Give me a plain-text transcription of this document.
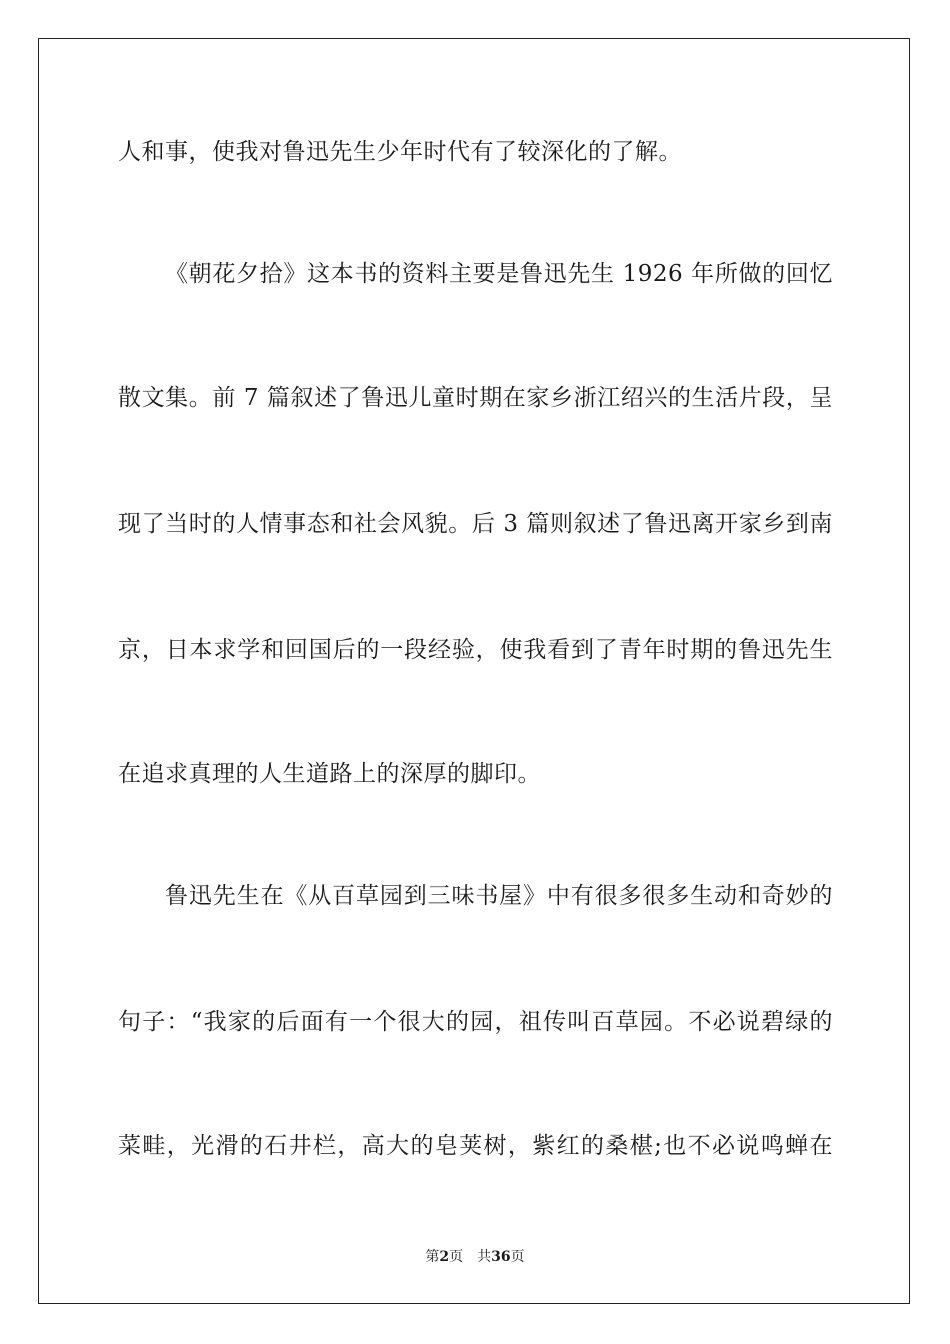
人和事，使我对鲁迅先生少年时代有了较深化的了解。
《朝花夕拾》这本书的资料主要是鲁迅先生 1926 年所做的回忆
散文集。前 7 篇叙述了鲁迅儿童时期在家乡浙江绍兴的生活片段，呈
现了当时的人情事态和社会风貌。后 3 篇则叙述了鲁迅离开家乡到南
京，日本求学和回国后的一段经验，使我看到了青年时期的鲁迅先生
在追求真理的人生道路上的深厚的脚印。
鲁迅先生在《从百草园到三味书屋》中有很多很多生动和奇妙的
句子：“我家的后面有一个很大的园，祖传叫百草园。不必说碧绿的
菜畦，光滑的石井栏，高大的皂荚树，紫红的桑椹;也不必说鸣蝉在
第2页 共36页
